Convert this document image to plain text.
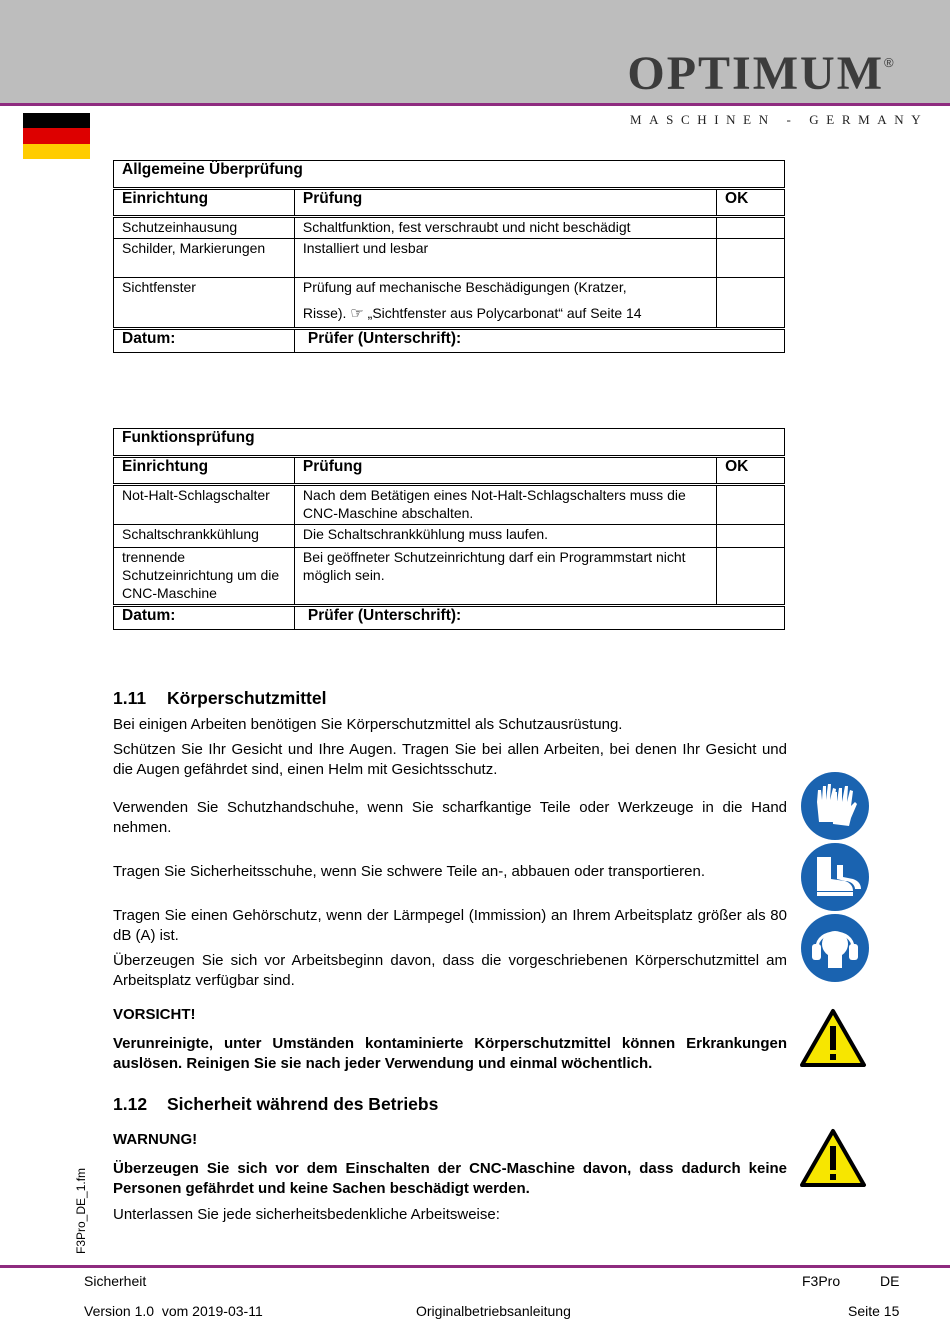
OPTIMUM ®
MASCHINEN - GERMANY
Allgemeine Überprüfung		
Einrichtung	Prüfung	OK
Schutzeinhausung	Schaltfunktion, fest verschraubt und nicht beschädigt	
Schilder, Markierungen	Installiert und lesbar	
Sichtfenster	Prüfung auf mechanische Beschädigungen (Kratzer,
Risse). ☞ „Sichtfenster aus Polycarbonat“ auf Seite 14	

Datum:	Prüfer (Unterschrift):	
Funktionsprüfung		
Einrichtung	Prüfung	OK
Not-Halt-Schlagschalter	Nach dem Betätigen eines Not-Halt-Schlagschalters muss die CNC-Maschine abschalten.	
Schaltschrankkühlung	Die Schaltschrankkühlung muss laufen.	
trennende Schutzeinrichtung um die CNC-Maschine	Bei geöffneter Schutzeinrichtung darf ein Programmstart nicht möglich sein.	
Datum:	Prüfer (Unterschrift):	
1.11 Körperschutzmittel
Bei einigen Arbeiten benötigen Sie Körperschutzmittel als Schutzausrüstung.
Schützen Sie Ihr Gesicht und Ihre Augen. Tragen Sie bei allen Arbeiten, bei denen Ihr Gesicht und die Augen gefährdet sind, einen Helm mit Gesichtsschutz.
Verwenden Sie Schutzhandschuhe, wenn Sie scharfkantige Teile oder Werkzeuge in die Hand nehmen.
Tragen Sie Sicherheitsschuhe, wenn Sie schwere Teile an-, abbauen oder transportieren.
Tragen Sie einen Gehörschutz, wenn der Lärmpegel (Immission) an Ihrem Arbeitsplatz größer als 80 dB (A) ist.
Überzeugen Sie sich vor Arbeitsbeginn davon, dass die vorgeschriebenen Körperschutzmittel am Arbeitsplatz verfügbar sind.
VORSICHT!
Verunreinigte, unter Umständen kontaminierte Körperschutzmittel können Erkrankungen auslösen. Reinigen Sie sie nach jeder Verwendung und einmal wöchentlich.
1.12 Sicherheit während des Betriebs
WARNUNG!
Überzeugen Sie sich vor dem Einschalten der CNC-Maschine davon, dass dadurch keine Personen gefährdet und keine Sachen beschädigt werden.
Unterlassen Sie jede sicherheitsbedenkliche Arbeitsweise:
F3Pro_DE_1.fm
Sicherheit	F3Pro	DE
Version 1.0  vom 2019-03-11	Originalbetriebsanleitung	Seite 15
